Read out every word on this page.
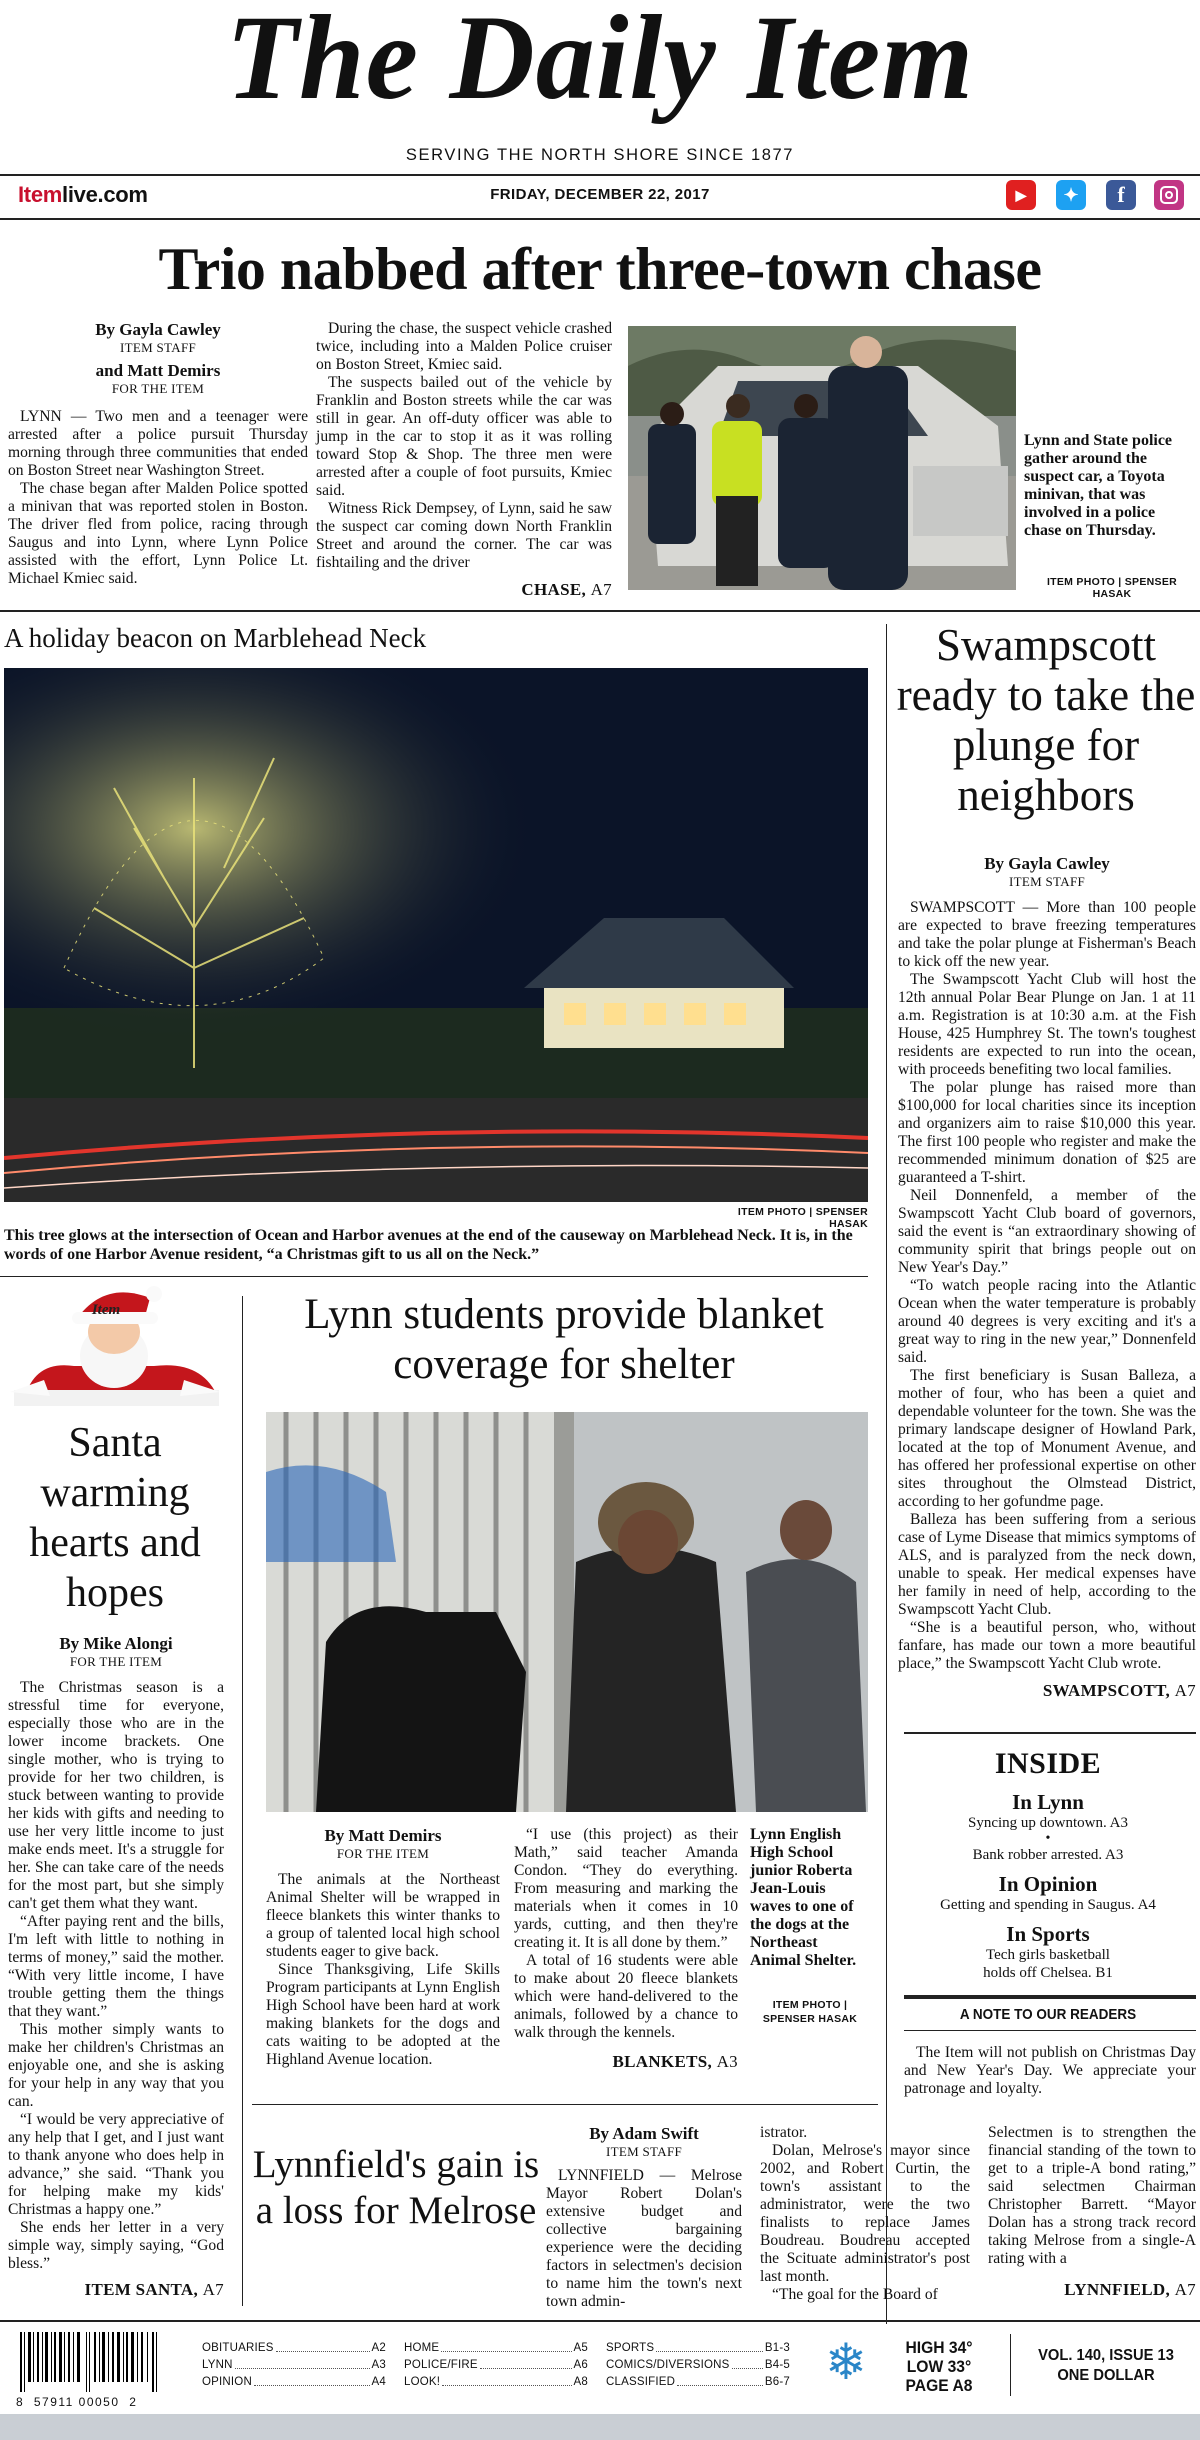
The Daily Item
SERVING THE NORTH SHORE SINCE 1877
Itemlive.com	FRIDAY, DECEMBER 22, 2017	▶	✦	f
Trio nabbed after three-town chase
By Gayla Cawley
ITEM STAFF
and Matt Demirs
FOR THE ITEM

LYNN — Two men and a teenager were arrested after a police pursuit Thursday morning through three communities that ended on Boston Street near Washington Street.

The chase began after Malden Police spotted a minivan that was reported stolen in Boston. The driver fled from police, racing through Saugus and into Lynn, where Lynn Police assisted with the effort, Lynn Police Lt. Michael Kmiec said.

During the chase, the suspect vehicle crashed twice, including into a Malden Police cruiser on Boston Street, Kmiec said.

The suspects bailed out of the vehicle by Franklin and Boston streets while the car was still in gear. An off-duty officer was able to jump in the car to stop it as it was rolling toward Stop & Shop. The three men were arrested after a couple of foot pursuits, Kmiec said.

Witness Rick Dempsey, of Lynn, said he saw the suspect car coming down North Franklin Street and around the corner. The car was fishtailing and the driver

CHASE, A7
Lynn and State police gather around the suspect car, a Toyota minivan, that was involved in a police chase on Thursday.
ITEM PHOTO | SPENSER HASAK
A holiday beacon on Marblehead Neck
ITEM PHOTO | SPENSER HASAK
This tree glows at the intersection of Ocean and Harbor avenues at the end of the causeway on Marblehead Neck. It is, in the words of one Harbor Avenue resident, “a Christmas gift to us all on the Neck.”
Swampscott ready to take the plunge for neighbors
By Gayla Cawley
ITEM STAFF

SWAMPSCOTT — More than 100 people are expected to brave freezing temperatures and take the polar plunge at Fisherman's Beach to kick off the new year.

The Swampscott Yacht Club will host the 12th annual Polar Bear Plunge on Jan. 1 at 11 a.m. Registration is at 10:30 a.m. at the Fish House, 425 Humphrey St. The town's toughest residents are expected to run into the ocean, with proceeds benefiting two local families.

The polar plunge has raised more than $100,000 for local charities since its inception and organizers aim to raise $10,000 this year. The first 100 people who register and make the recommended minimum donation of $25 are guaranteed a T-shirt.

Neil Donnenfeld, a member of the Swampscott Yacht Club board of governors, said the event is “an extraordinary showing of community spirit that brings people out on New Year's Day.”

“To watch people racing into the Atlantic Ocean when the water temperature is probably around 40 degrees is very exciting and it's a great way to ring in the new year,” Donnenfeld said.

The first beneficiary is Susan Balleza, a mother of four, who has been a quiet and dependable volunteer for the town. She was the primary landscape designer of Howland Park, located at the top of Monument Avenue, and has offered her professional expertise on other sites throughout the Olmstead District, according to her gofundme page.

Balleza has been suffering from a serious case of Lyme Disease that mimics symptoms of ALS, and is paralyzed from the neck down, unable to speak. Her medical expenses have her family in need of help, according to the Swampscott Yacht Club.

“She is a beautiful person, who, without fanfare, has made our town a more beautiful place,” the Swampscott Yacht Club wrote.

SWAMPSCOTT, A7
INSIDE
In Lynn
Syncing up downtown. A3
•
Bank robber arrested. A3
In Opinion
Getting and spending in Saugus. A4
In Sports
Tech girls basketball
holds off Chelsea. B1
A NOTE TO OUR READERS

The Item will not publish on Christmas Day and New Year's Day. We appreciate your patronage and loyalty.

Item
Santa warming hearts and hopes
By Mike Alongi
FOR THE ITEM

The Christmas season is a stressful time for everyone, especially those who are in the lower income brackets. One single mother, who is trying to provide for her two children, is stuck between wanting to provide her kids with gifts and needing to use her very little income to just make ends meet. It's a struggle for her. She can take care of the needs for the most part, but she simply can't get them what they want.

“After paying rent and the bills, I'm left with little to nothing in terms of money,” said the mother. “With very little income, I have trouble getting them the things that they want.”

This mother simply wants to make her children's Christmas an enjoyable one, and she is asking for your help in any way that you can.

“I would be very appreciative of any help that I get, and I just want to thank anyone who does help in advance,” she said. “Thank you for helping make my kids' Christmas a happy one.”

She ends her letter in a very simple way, simply saying, “God bless.”

ITEM SANTA, A7
Lynn students provide blanket coverage for shelter
By Matt Demirs
FOR THE ITEM

The animals at the Northeast Animal Shelter will be wrapped in fleece blankets this winter thanks to a group of talented local high school students eager to give back.

Since Thanksgiving, Life Skills Program participants at Lynn English High School have been hard at work making blankets for the dogs and cats waiting to be adopted at the Highland Avenue location.

“I use (this project) as their Math,” said teacher Amanda Condon. “They do everything. From measuring and marking the materials when it comes in 10 yards, cutting, and then they're creating it. It is all done by them.”

A total of 16 students were able to make about 20 fleece blankets which were hand-delivered to the animals, followed by a chance to walk through the kennels.

BLANKETS, A3
Lynn English High School junior Roberta Jean-Louis waves to one of the dogs at the Northeast Animal Shelter.
ITEM PHOTO |
SPENSER HASAK
Lynnfield's gain is a loss for Melrose
By Adam Swift
ITEM STAFF

LYNNFIELD — Melrose Mayor Robert Dolan's extensive budget and collective bargaining experience were the deciding factors in selectmen's decision to name him the town's next town admin-

istrator.

Dolan, Melrose's mayor since 2002, and Robert Curtin, the town's assistant to the administrator, were the two finalists to replace James Boudreau. Boudreau accepted the Scituate administrator's post last month.

“The goal for the Board of

Selectmen is to strengthen the financial standing of the town to get to a triple-A bond rating,” said selectmen Chairman Christopher Barrett. “Mayor Dolan has a strong track record taking Melrose from a single-A rating with a
LYNNFIELD, A7
8  57911 00050  2
OBITUARIES	A2
LYNN	A3
OPINION	A4
HOME	A5
POLICE/FIRE	A6
LOOK!	A8
SPORTS	B1-3
COMICS/DIVERSIONS	B4-5
CLASSIFIED	B6-7 ❄	HIGH 34°
LOW 33°
PAGE A8
VOL. 140, ISSUE 13
ONE DOLLAR
